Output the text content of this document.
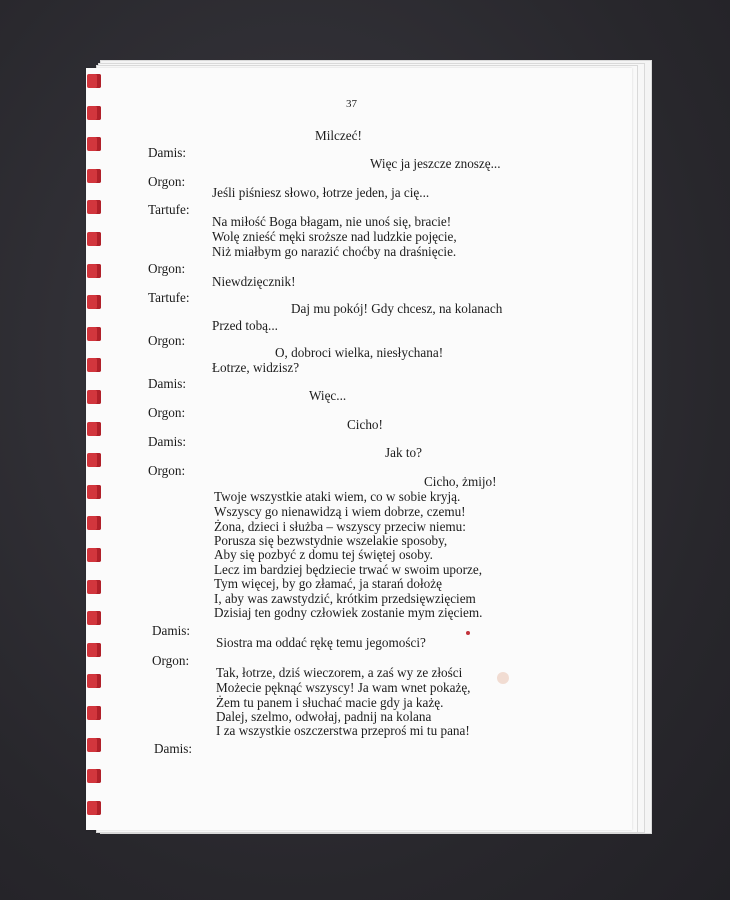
37
Milczeć!
Damis:
Więc ja jeszcze znoszę...
Orgon:
Jeśli piśniesz słowo, łotrze jeden, ja cię...
Tartufe:
Na miłość Boga błagam, nie unoś się, bracie!
Wolę znieść męki sroższe nad ludzkie pojęcie,
Niż miałbym go narazić choćby na draśnięcie.
Orgon:
Niewdzięcznik!
Tartufe:
Daj mu pokój! Gdy chcesz, na kolanach
Przed tobą...
Orgon:
O, dobroci wielka, niesłychana!
Łotrze, widzisz?
Damis:
Więc...
Orgon:
Cicho!
Damis:
Jak to?
Orgon:
Cicho, żmijo!
Twoje wszystkie ataki wiem, co w sobie kryją.
Wszyscy go nienawidzą i wiem dobrze, czemu!
Żona, dzieci i służba – wszyscy przeciw niemu:
Porusza się bezwstydnie wszelakie sposoby,
Aby się pozbyć z domu tej świętej osoby.
Lecz im bardziej będziecie trwać w swoim uporze,
Tym więcej, by go złamać, ja starań dołożę
I, aby was zawstydzić, krótkim przedsięwzięciem
Dzisiaj ten godny człowiek zostanie mym zięciem.
Damis:
Siostra ma oddać rękę temu jegomości?
Orgon:
Tak, łotrze, dziś wieczorem, a zaś wy ze złości
Możecie pęknąć wszyscy! Ja wam wnet pokażę,
Żem tu panem i słuchać macie gdy ja każę.
Dalej, szelmo, odwołaj, padnij na kolana
I za wszystkie oszczerstwa przeproś mi tu pana!
Damis:
